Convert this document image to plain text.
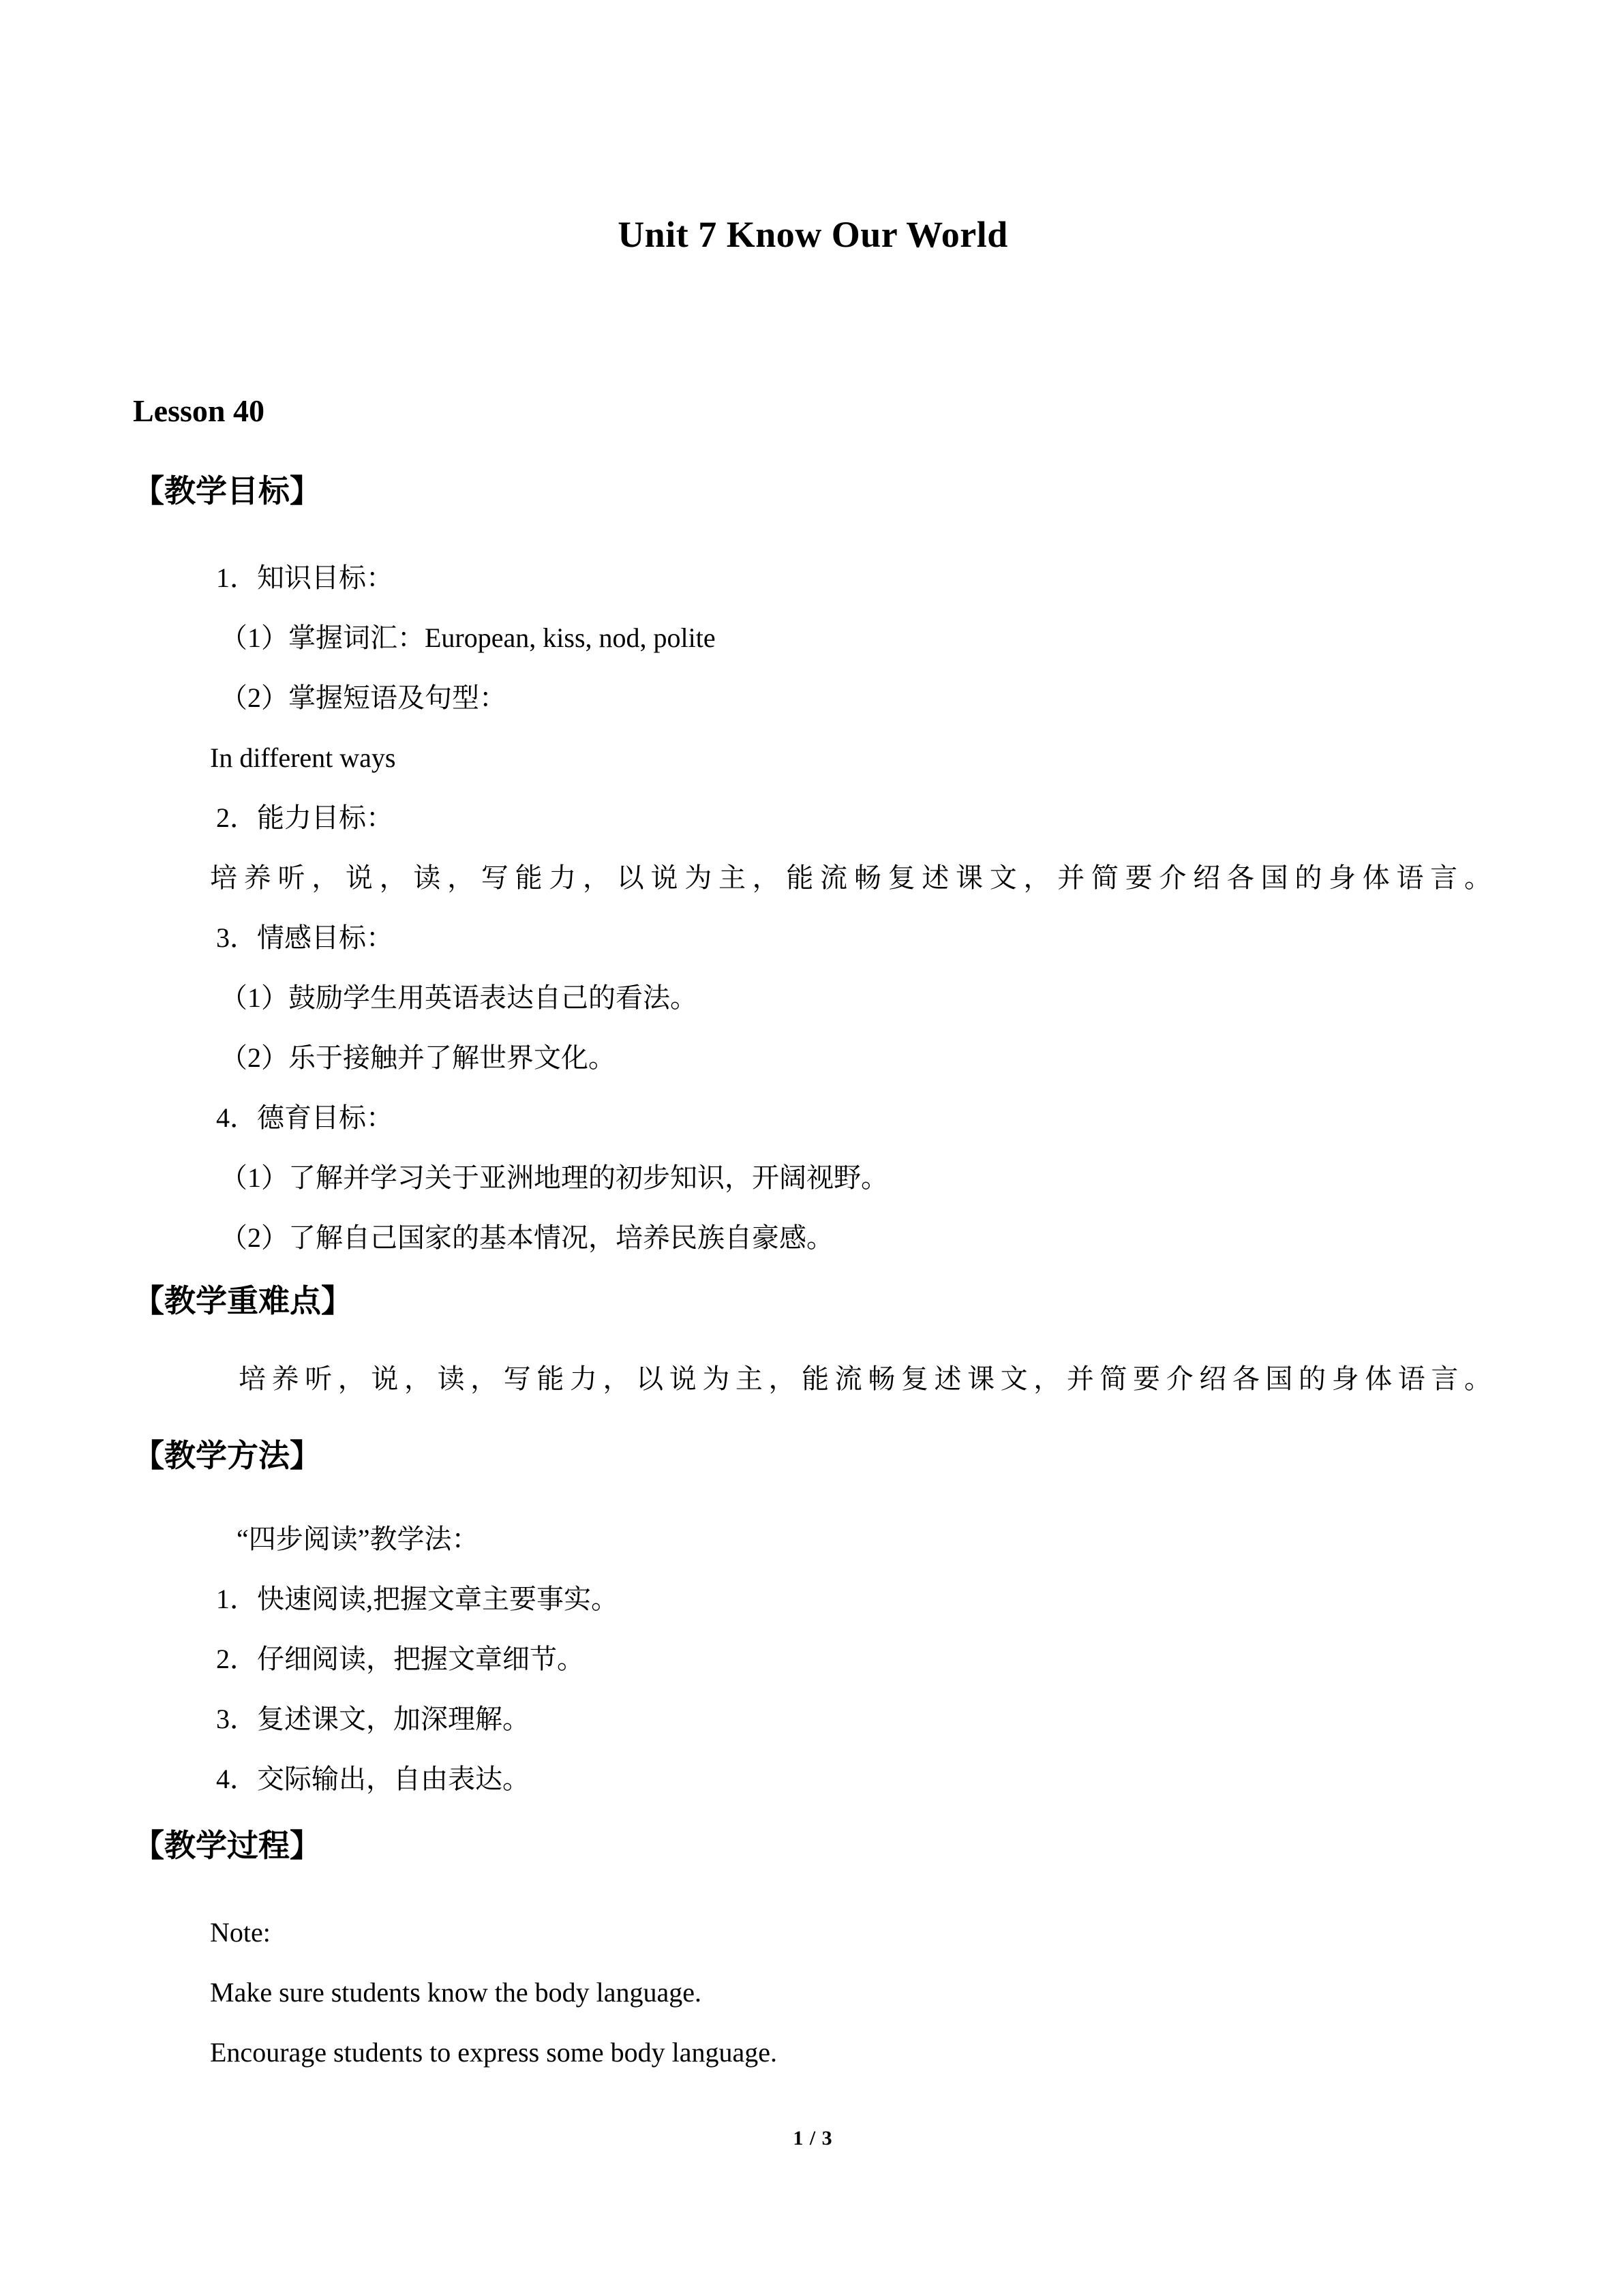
Unit 7 Know Our World
Lesson 40
【教学目标】
1．知识目标：
（1）掌握词汇：European, kiss, nod, polite
（2）掌握短语及句型：
In different ways
2．能力目标：
培养听，说，读，写能力，以说为主，能流畅复述课文，并简要介绍各国的身体语言。
3．情感目标：
（1）鼓励学生用英语表达自己的看法。
（2）乐于接触并了解世界文化。
4．德育目标：
（1）了解并学习关于亚洲地理的初步知识，开阔视野。
（2）了解自己国家的基本情况，培养民族自豪感。
【教学重难点】
培养听，说，读，写能力，以说为主，能流畅复述课文，并简要介绍各国的身体语言。
【教学方法】
“四步阅读”教学法：
1．快速阅读,把握文章主要事实。
2．仔细阅读，把握文章细节。
3．复述课文，加深理解。
4．交际输出，自由表达。
【教学过程】
Note:
Make sure students know the body language.
Encourage students to express some body language.
1 / 3
